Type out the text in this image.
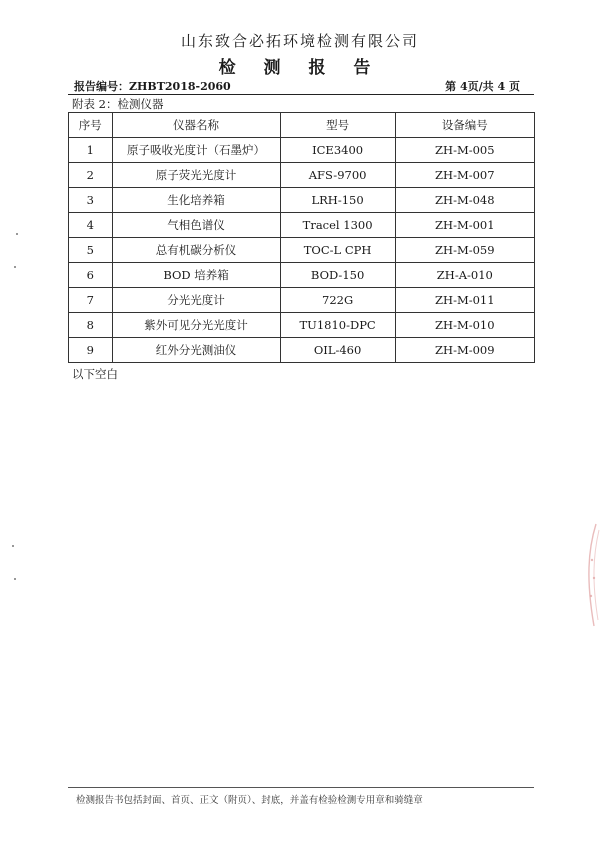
山东致合必拓环境检测有限公司
检 测 报 告
报告编号：ZHBT2018-2060	第 4页/共 4 页
附表 2：检测仪器
序号	仪器名称	型号	设备编号
1	原子吸收光度计（石墨炉）	ICE3400	ZH-M-005
2	原子荧光光度计	AFS-9700	ZH-M-007
3	生化培养箱	LRH-150	ZH-M-048
4	气相色谱仪	Tracel 1300	ZH-M-001
5	总有机碳分析仪	TOC-L CPH	ZH-M-059
6	BOD 培养箱	BOD-150	ZH-A-010
7	分光光度计	722G	ZH-M-011
8	紫外可见分光光度计	TU1810-DPC	ZH-M-010
9	红外分光测油仪	OIL-460	ZH-M-009
以下空白
检测报告书包括封面、首页、正文（附页）、封底，并盖有检验检测专用章和骑缝章
